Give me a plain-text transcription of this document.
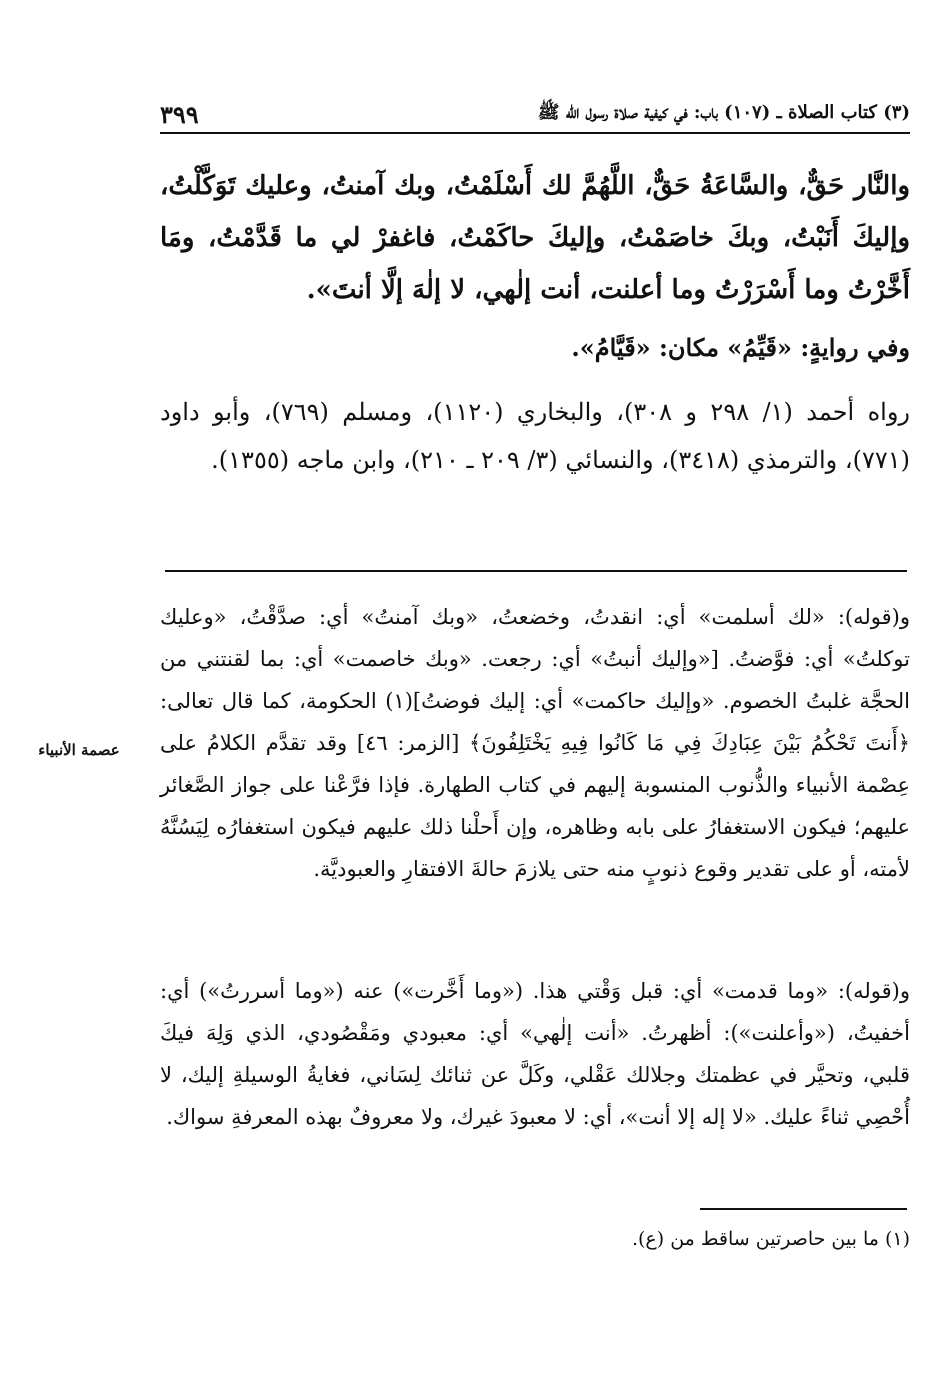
(٣) كتاب الصلاة ـ (١٠٧) باب: في كيفية صلاة رسول الله ﷺ
٣٩٩
والنَّار حَقٌّ، والسَّاعَةُ حَقٌّ، اللَّهُمَّ لك أَسْلَمْتُ، وبك آمنتُ، وعليك تَوَكَّلْتُ، وإليكَ أَنَبْتُ، وبكَ خاصَمْتُ، وإليكَ حاكَمْتُ، فاغفرْ لي ما قَدَّمْتُ، ومَا أَخَّرْتُ وما أَسْرَرْتُ وما أعلنت، أنت إلٰهي، لا إلٰهَ إلَّا أنتَ».
وفي روايةٍ: «قَيِّمُ» مكان: «قَيَّامُ».
رواه أحمد (١/ ٢٩٨ و ٣٠٨)، والبخاري (١١٢٠)، ومسلم (٧٦٩)، وأبو داود (٧٧١)، والترمذي (٣٤١٨)، والنسائي (٣/ ٢٠٩ ـ ٢١٠)، وابن ماجه (١٣٥٥).
و(قوله): «لك أسلمت» أي: انقدتُ، وخضعتُ، «وبك آمنتُ» أي: صدَّقْتُ، «وعليك توكلتُ» أي: فوَّضتُ. [«وإليك أنبتُ» أي: رجعت. «وبك خاصمت» أي: بما لقنتني من الحجَّة غلبتُ الخصوم. «وإليك حاكمت» أي: إليك فوضتُ](١) الحكومة، كما قال تعالى: ﴿أَنتَ تَحْكُمُ بَيْنَ عِبَادِكَ فِي مَا كَانُوا فِيهِ يَخْتَلِفُونَ﴾ [الزمر: ٤٦] وقد تقدَّم الكلامُ على عِصْمة الأنبياء والذُّنوب المنسوبة إليهم في كتاب الطهارة. فإذا فرَّعْنا على جواز الصَّغائر عليهم؛ فيكون الاستغفارُ على بابه وظاهره، وإن أَحلْنا ذلك عليهم فيكون استغفارُه لِيَسُنَّهُ لأمته، أو على تقدير وقوع ذنوبٍ منه حتى يلازمَ حالةَ الافتقارِ والعبوديَّة.
عصمة الأنبياء
و(قوله): «وما قدمت» أي: قبل وَقْتي هذا. («وما أَخَّرت») عنه («وما أسررتُ») أي: أخفيتُ، («وأعلنت»): أظهرتُ. «أنت إلٰهي» أي: معبودي ومَقْصُودي، الذي وَلِهَ فيكَ قلبي، وتحيَّر في عظمتك وجلالك عَقْلي، وكَلَّ عن ثنائك لِسَاني، فغايةُ الوسيلةِ إليك، لا أُحْصِي ثناءً عليك. «لا إله إلا أنت»، أي: لا معبودَ غيرك، ولا معروفٌ بهذه المعرفةِ سواك.
(١) ما بين حاصرتين ساقط من (ع).
